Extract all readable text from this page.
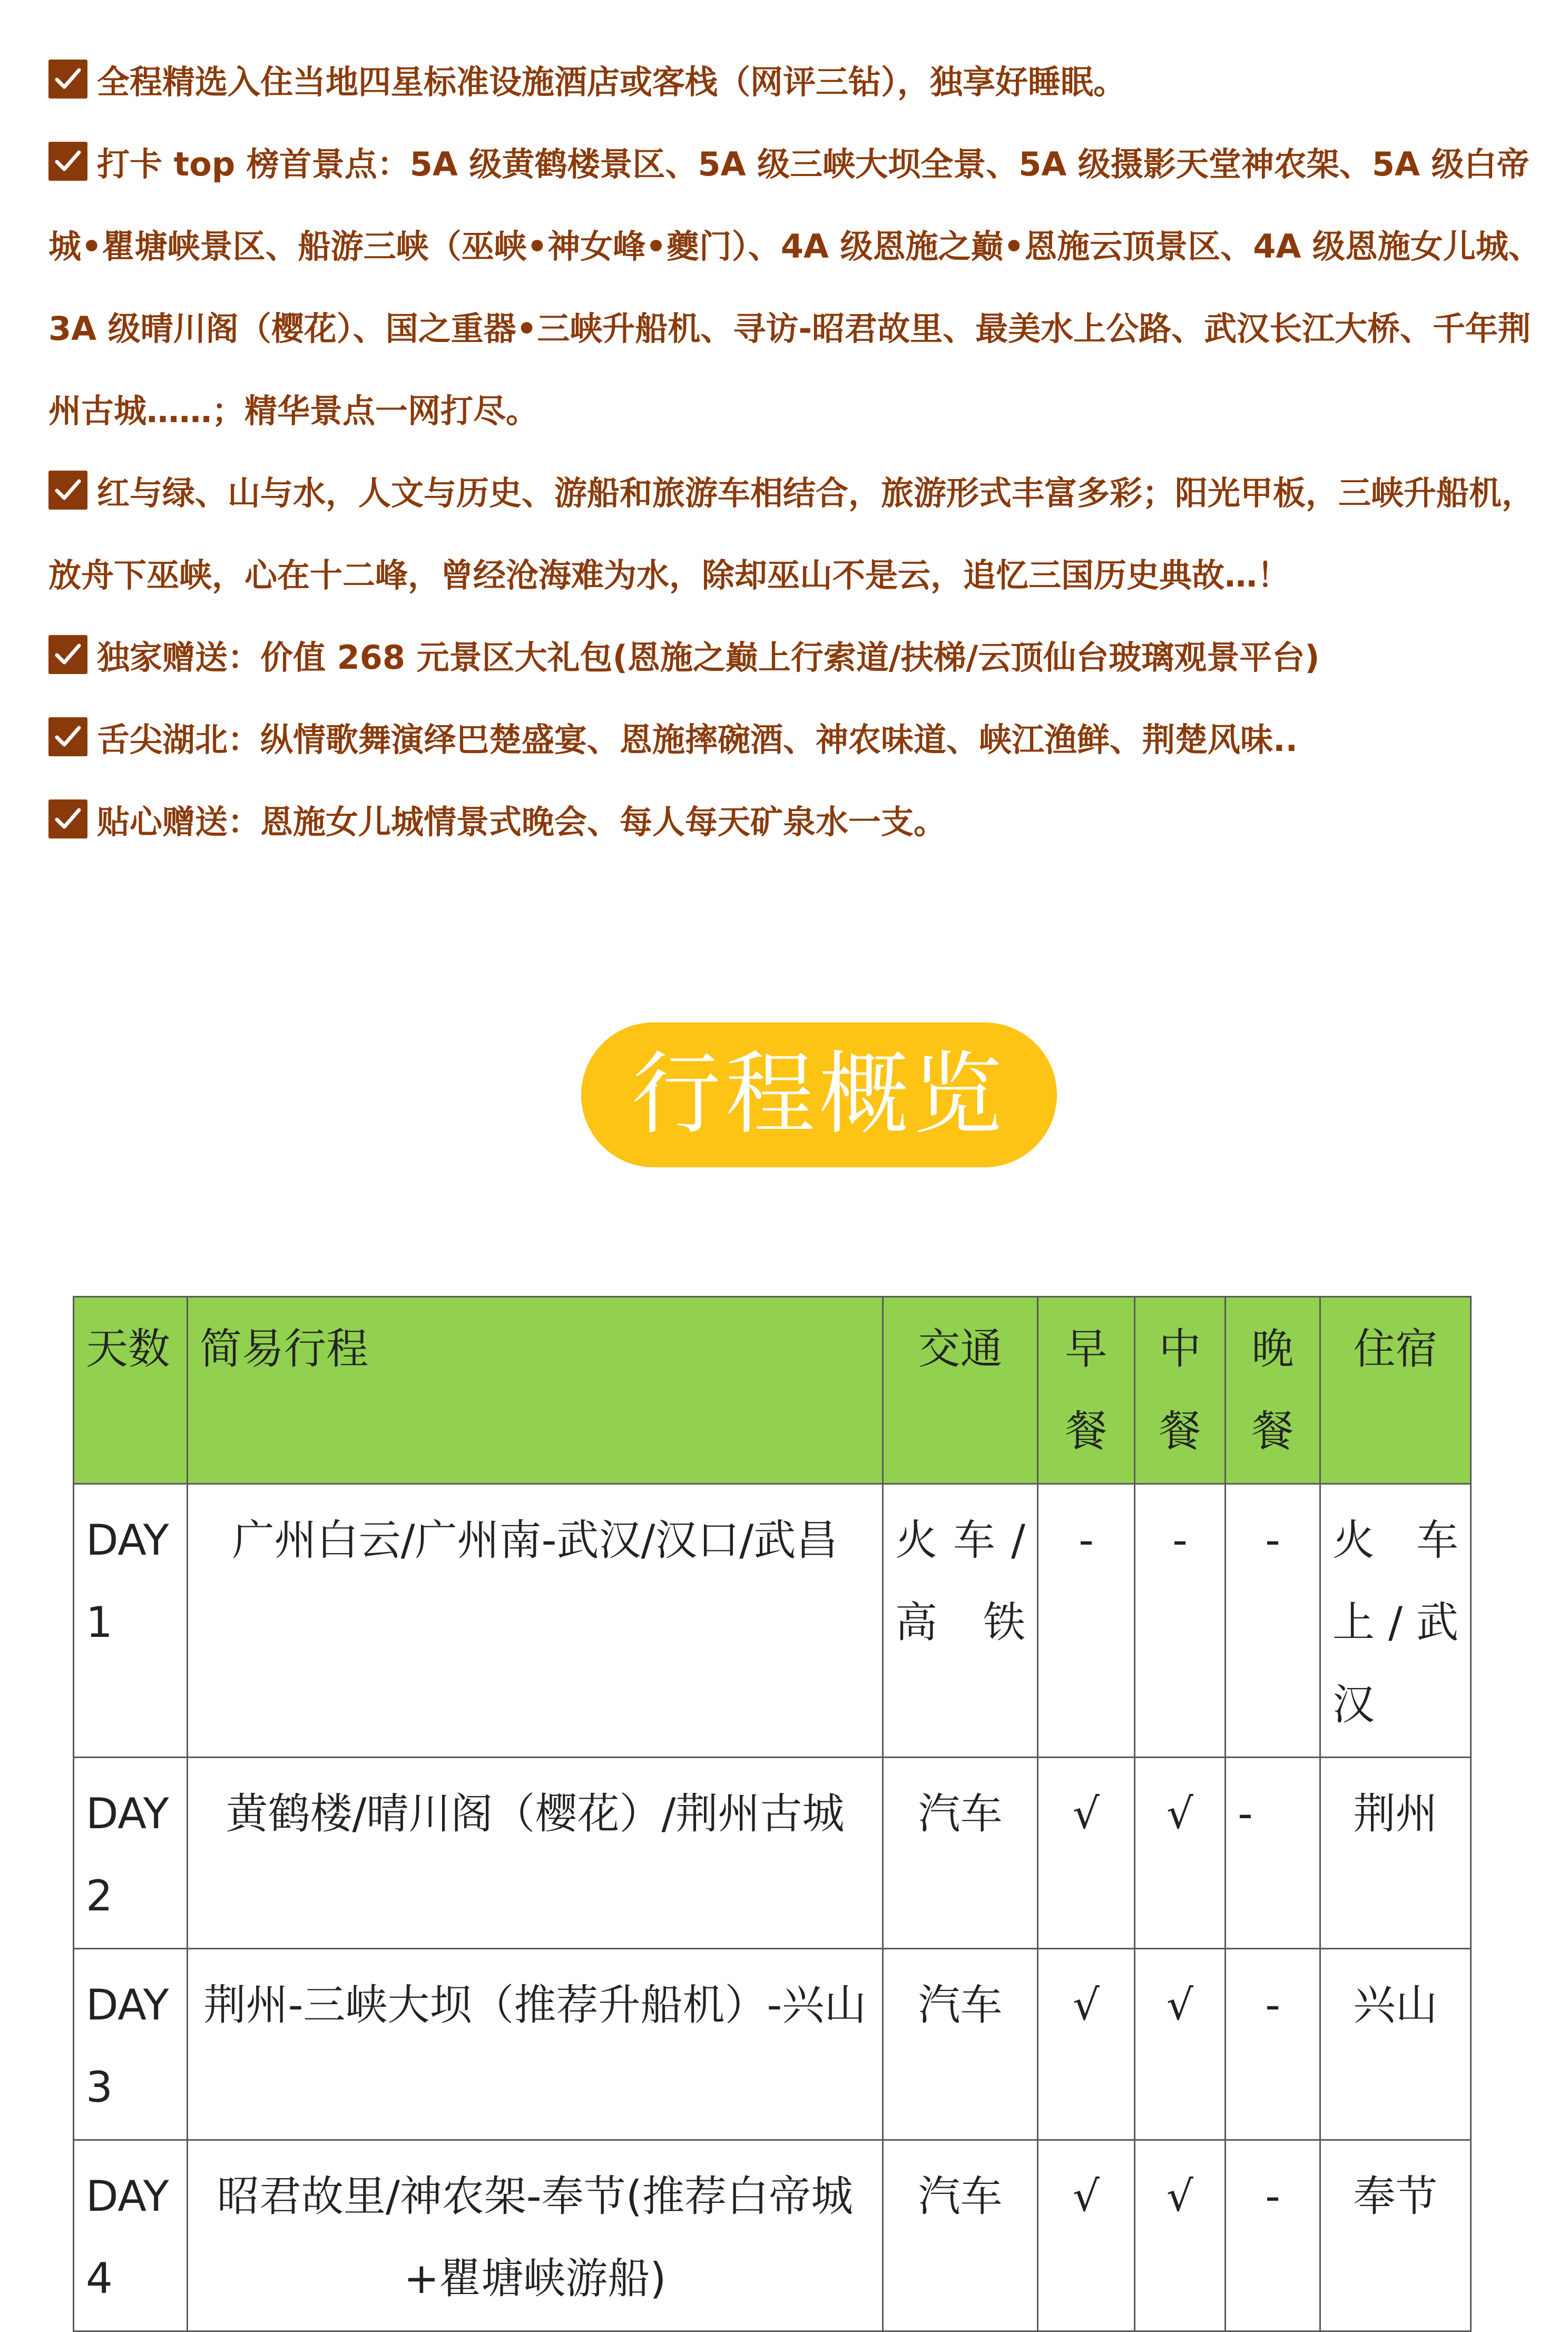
全程精选入住当地四星标准设施酒店或客栈（网评三钻），独享好睡眠。

打卡 top 榜首景点：5A 级黄鹤楼景区、5A 级三峡大坝全景、5A 级摄影天堂神农架、5A 级白帝城•瞿塘峡景区、船游三峡（巫峡•神女峰•夔门）、4A 级恩施之巅•恩施云顶景区、4A 级恩施女儿城、3A 级晴川阁（樱花）、国之重器•三峡升船机、寻访-昭君故里、最美水上公路、武汉长江大桥、千年荆州古城……；精华景点一网打尽。

红与绿、山与水，人文与历史、游船和旅游车相结合，旅游形式丰富多彩；阳光甲板，三峡升船机，放舟下巫峡，心在十二峰，曾经沧海难为水，除却巫山不是云，追忆三国历史典故…！

独家赠送：价值 268 元景区大礼包(恩施之巅上行索道/扶梯/云顶仙台玻璃观景平台)

舌尖湖北：纵情歌舞演绎巴楚盛宴、恩施摔碗酒、神农味道、峡江渔鲜、荆楚风味..

贴心赠送：恩施女儿城情景式晚会、每人每天矿泉水一支。

行程概览
天数	简易行程	交通	早餐	中餐	晚餐	住宿
DAY1	广州白云/广州南-武汉/汉口/武昌	火车/高铁	-	-	-	火车上/武汉
DAY2	黄鹤楼/晴川阁（樱花）/荆州古城	汽车	√	√	-	荆州
DAY3	荆州-三峡大坝（推荐升船机）-兴山	汽车	√	√	-	兴山
DAY4	昭君故里/神农架-奉节(推荐白帝城+瞿塘峡游船)	汽车	√	√	-	奉节
